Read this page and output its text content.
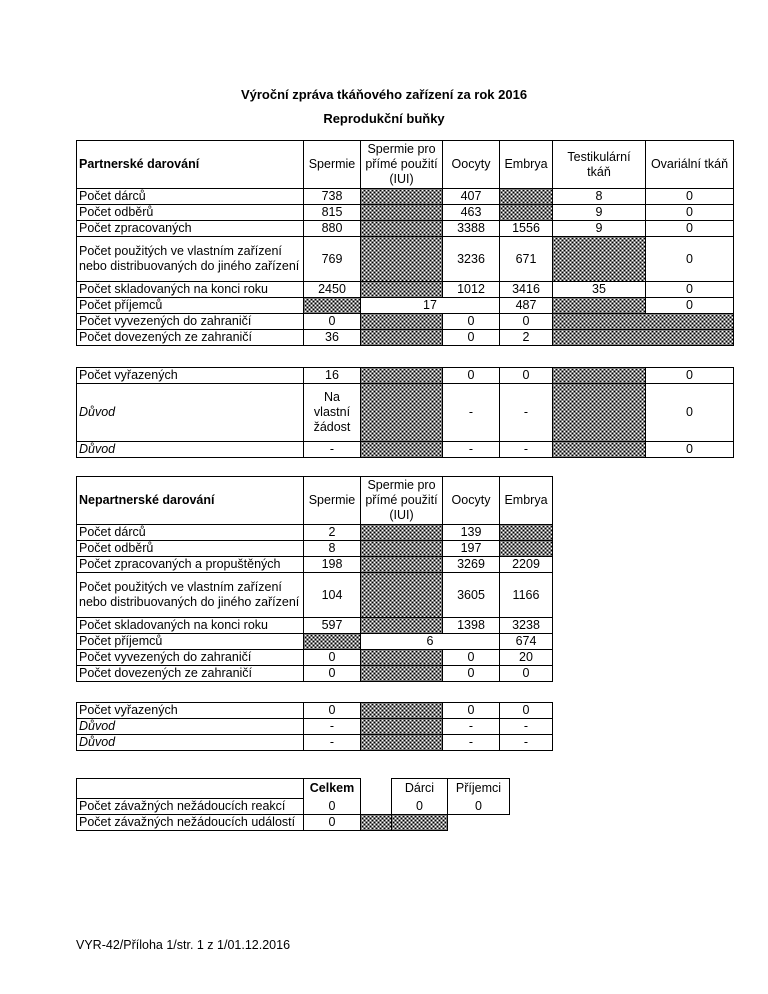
Výroční zpráva tkáňového zařízení za rok 2016
Reprodukční buňky
Partnerské darování	Spermie	Spermie pro přímé použití (IUI)	Oocyty	Embrya	Testikulární tkáň	Ovariální tkáň
Počet dárců	738		407		8	0
Počet odběrů	815		463		9	0
Počet zpracovaných	880		3388	1556	9	0
Počet použitých ve vlastním zařízení nebo distribuovaných do jiného zařízení	769		3236	671		0
Počet skladovaných na konci roku	2450		1012	3416	35	0
Počet příjemců		17		487		0
Počet vyvezených do zahraničí	0		0	0		
Počet dovezených ze zahraničí	36		0	2		
Počet vyřazených	16		0	0		0
Důvod	Na vlastní žádost		-	-		0
Důvod	-		-	-		0
Nepartnerské darování	Spermie	Spermie pro přímé použití (IUI)	Oocyty	Embrya
Počet dárců	2		139	
Počet odběrů	8		197	
Počet zpracovaných a propuštěných	198		3269	2209
Počet použitých ve vlastním zařízení nebo distribuovaných do jiného zařízení	104		3605	1166
Počet skladovaných na konci roku	597		1398	3238
Počet příjemců		6		674
Počet vyvezených do zahraničí	0		0	20
Počet dovezených ze zahraničí	0		0	0
Počet vyřazených	0		0	0
Důvod	-		-	-
Důvod	-		-	-
	Celkem		Dárci	Příjemci
Počet závažných nežádoucích reakcí	0		0	0
Počet závažných nežádoucích událostí	0			
VYR-42/Příloha 1/str. 1 z 1/01.12.2016
